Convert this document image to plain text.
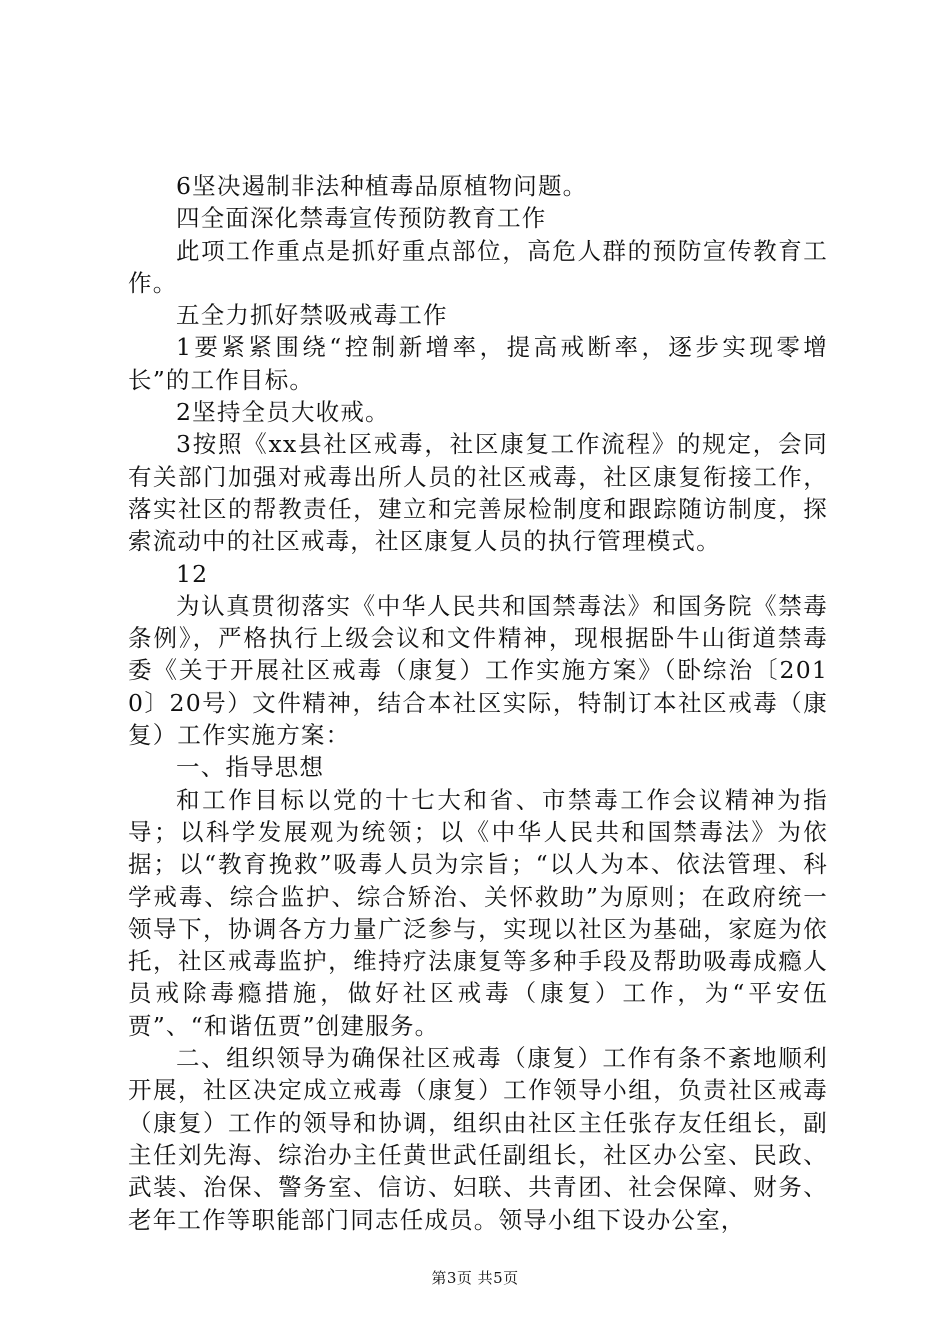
6坚决遏制非法种植毒品原植物问题。

四全面深化禁毒宣传预防教育工作

此项工作重点是抓好重点部位，高危人群的预防宣传教育工作。

五全力抓好禁吸戒毒工作

1要紧紧围绕“控制新增率，提高戒断率，逐步实现零增长”的工作目标。

2坚持全员大收戒。

3按照《xx县社区戒毒，社区康复工作流程》的规定，会同有关部门加强对戒毒出所人员的社区戒毒，社区康复衔接工作，落实社区的帮教责任，建立和完善尿检制度和跟踪随访制度，探索流动中的社区戒毒，社区康复人员的执行管理模式。

12

为认真贯彻落实《中华人民共和国禁毒法》和国务院《禁毒条例》，严格执行上级会议和文件精神，现根据卧牛山街道禁毒委《关于开展社区戒毒（康复）工作实施方案》（卧综治〔2010〕20号）文件精神，结合本社区实际，特制订本社区戒毒（康复）工作实施方案：

一、指导思想

和工作目标以党的十七大和省、市禁毒工作会议精神为指导；以科学发展观为统领；以《中华人民共和国禁毒法》为依据；以“教育挽救”吸毒人员为宗旨；“以人为本、依法管理、科学戒毒、综合监护、综合矫治、关怀救助”为原则；在政府统一领导下，协调各方力量广泛参与，实现以社区为基础，家庭为依托，社区戒毒监护，维持疗法康复等多种手段及帮助吸毒成瘾人员戒除毒瘾措施，做好社区戒毒（康复）工作，为“平安伍贾”、“和谐伍贾”创建服务。

二、组织领导为确保社区戒毒（康复）工作有条不紊地顺利开展，社区决定成立戒毒（康复）工作领导小组，负责社区戒毒（康复）工作的领导和协调，组织由社区主任张存友任组长，副主任刘先海、综治办主任黄世武任副组长，社区办公室、民政、武装、治保、警务室、信访、妇联、共青团、社会保障、财务、老年工作等职能部门同志任成员。领导小组下设办公室，

第3页 共5页
